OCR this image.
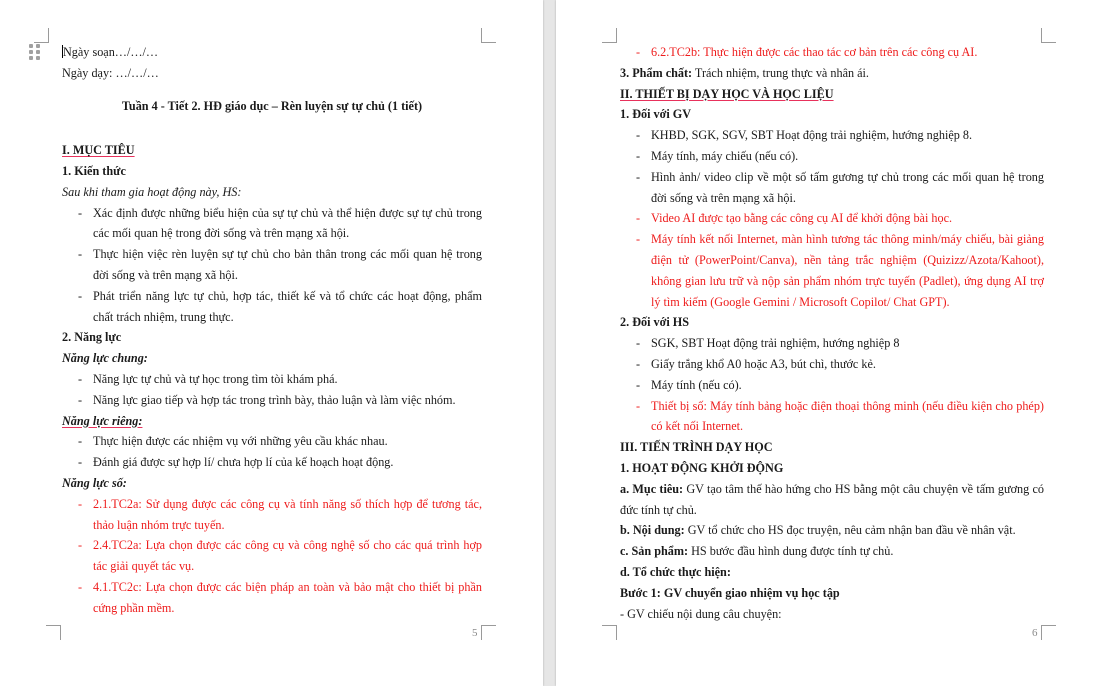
5
Ngày soạn…/…/…
Ngày dạy: …/…/…
Tuần 4 - Tiết 2. HĐ giáo dục – Rèn luyện sự tự chủ (1 tiết)
I. MỤC TIÊU
1. Kiến thức
Sau khi tham gia hoạt động này, HS:
- Xác định được những biểu hiện của sự tự chủ và thể hiện được sự tự chủ trong các mối quan hệ trong đời sống và trên mạng xã hội.
- Thực hiện việc rèn luyện sự tự chủ cho bản thân trong các mối quan hệ trong đời sống và trên mạng xã hội.
- Phát triển năng lực tự chủ, hợp tác, thiết kế và tổ chức các hoạt động, phẩm chất trách nhiệm, trung thực.
2. Năng lực
Năng lực chung:
- Năng lực tự chủ và tự học trong tìm tòi khám phá.
- Năng lực giao tiếp và hợp tác trong trình bày, thảo luận và làm việc nhóm.
Năng lực riêng:
- Thực hiện được các nhiệm vụ với những yêu cầu khác nhau.
- Đánh giá được sự hợp lí/ chưa hợp lí của kế hoạch hoạt động.
Năng lực số:
- 2.1.TC2a: Sử dụng được các công cụ và tính năng số thích hợp để tương tác, thảo luận nhóm trực tuyến.
- 2.4.TC2a: Lựa chọn được các công cụ và công nghệ số cho các quá trình hợp tác giải quyết tác vụ.
- 4.1.TC2c: Lựa chọn được các biện pháp an toàn và bảo mật cho thiết bị phần cứng phần mềm.
6
- 6.2.TC2b: Thực hiện được các thao tác cơ bản trên các công cụ AI.
3. Phẩm chất: Trách nhiệm, trung thực và nhân ái.
II. THIẾT BỊ DẠY HỌC VÀ HỌC LIỆU
1. Đối với GV
- KHBD, SGK, SGV, SBT Hoạt động trải nghiệm, hướng nghiệp 8.
- Máy tính, máy chiếu (nếu có).
- Hình ảnh/ video clip về một số tấm gương tự chủ trong các mối quan hệ trong đời sống và trên mạng xã hội.
- Video AI được tạo bằng các công cụ AI để khởi động bài học.
- Máy tính kết nối Internet, màn hình tương tác thông minh/máy chiếu, bài giảng điện tử (PowerPoint/Canva), nền tảng trắc nghiệm (Quizizz/Azota/Kahoot), không gian lưu trữ và nộp sản phẩm nhóm trực tuyến (Padlet), ứng dụng AI trợ lý tìm kiếm (Google Gemini / Microsoft Copilot/ Chat GPT).
2. Đối với HS
- SGK, SBT Hoạt động trải nghiệm, hướng nghiệp 8
- Giấy trắng khổ A0 hoặc A3, bút chì, thước kẻ.
- Máy tính (nếu có).
- Thiết bị số: Máy tính bảng hoặc điện thoại thông minh (nếu điều kiện cho phép) có kết nối Internet.
III. TIẾN TRÌNH DẠY HỌC
1. HOẠT ĐỘNG KHỞI ĐỘNG
a. Mục tiêu: GV tạo tâm thế hào hứng cho HS bằng một câu chuyện về tấm gương có đức tính tự chủ.
b. Nội dung: GV tổ chức cho HS đọc truyện, nêu cảm nhận ban đầu về nhân vật.
c. Sản phẩm: HS bước đầu hình dung được tính tự chủ.
d. Tổ chức thực hiện:
Bước 1: GV chuyển giao nhiệm vụ học tập
- GV chiếu nội dung câu chuyện:
